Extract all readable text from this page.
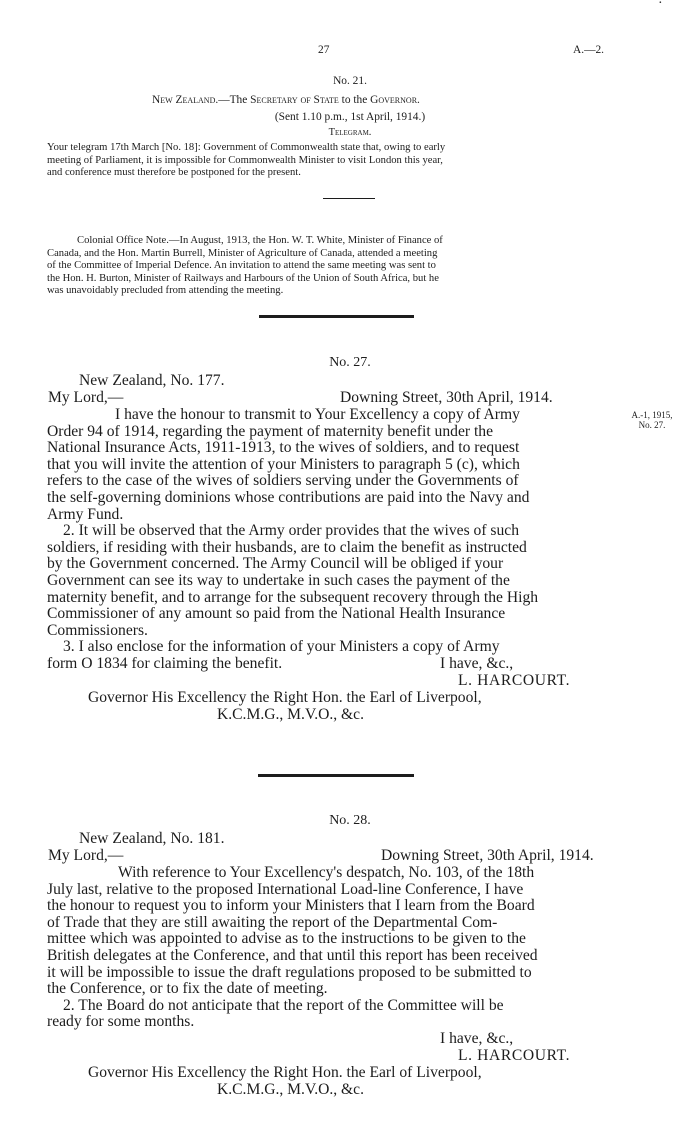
27	A.—2.
·
No. 21.
New Zealand.—The Secretary of State to the Governor.
(Sent 1.10 p.m., 1st April, 1914.)
Telegram.
Your telegram 17th March [No. 18]: Government of Commonwealth state that, owing to early
meeting of Parliament, it is impossible for Commonwealth Minister to visit London this year,
and conference must therefore be postponed for the present.
Colonial Office Note.—In August, 1913, the Hon. W. T. White, Minister of Finance of
Canada, and the Hon. Martin Burrell, Minister of Agriculture of Canada, attended a meeting
of the Committee of Imperial Defence. An invitation to attend the same meeting was sent to
the Hon. H. Burton, Minister of Railways and Harbours of the Union of South Africa, but he
was unavoidably precluded from attending the meeting.
No. 27.
New Zealand, No. 177.
My Lord,—	Downing Street, 30th April, 1914.
A.-1, 1915,
No. 27.
I have the honour to transmit to Your Excellency a copy of Army
Order 94 of 1914, regarding the payment of maternity benefit under the
National Insurance Acts, 1911-1913, to the wives of soldiers, and to request
that you will invite the attention of your Ministers to paragraph 5 (c), which
refers to the case of the wives of soldiers serving under the Governments of
the self-governing dominions whose contributions are paid into the Navy and
Army Fund.
2. It will be observed that the Army order provides that the wives of such
soldiers, if residing with their husbands, are to claim the benefit as instructed
by the Government concerned. The Army Council will be obliged if your
Government can see its way to undertake in such cases the payment of the
maternity benefit, and to arrange for the subsequent recovery through the High
Commissioner of any amount so paid from the National Health Insurance
Commissioners.
3. I also enclose for the information of your Ministers a copy of Army
form O 1834 for claiming the benefit.	I have, &c.,
L. HARCOURT.
Governor His Excellency the Right Hon. the Earl of Liverpool,
K.C.M.G., M.V.O., &c.
No. 28.
New Zealand, No. 181.
My Lord,—	Downing Street, 30th April, 1914.
With reference to Your Excellency's despatch, No. 103, of the 18th
July last, relative to the proposed International Load-line Conference, I have
the honour to request you to inform your Ministers that I learn from the Board
of Trade that they are still awaiting the report of the Departmental Com-
mittee which was appointed to advise as to the instructions to be given to the
British delegates at the Conference, and that until this report has been received
it will be impossible to issue the draft regulations proposed to be submitted to
the Conference, or to fix the date of meeting.
2. The Board do not anticipate that the report of the Committee will be
ready for some months.
I have, &c.,
L. HARCOURT.
Governor His Excellency the Right Hon. the Earl of Liverpool,
K.C.M.G., M.V.O., &c.
